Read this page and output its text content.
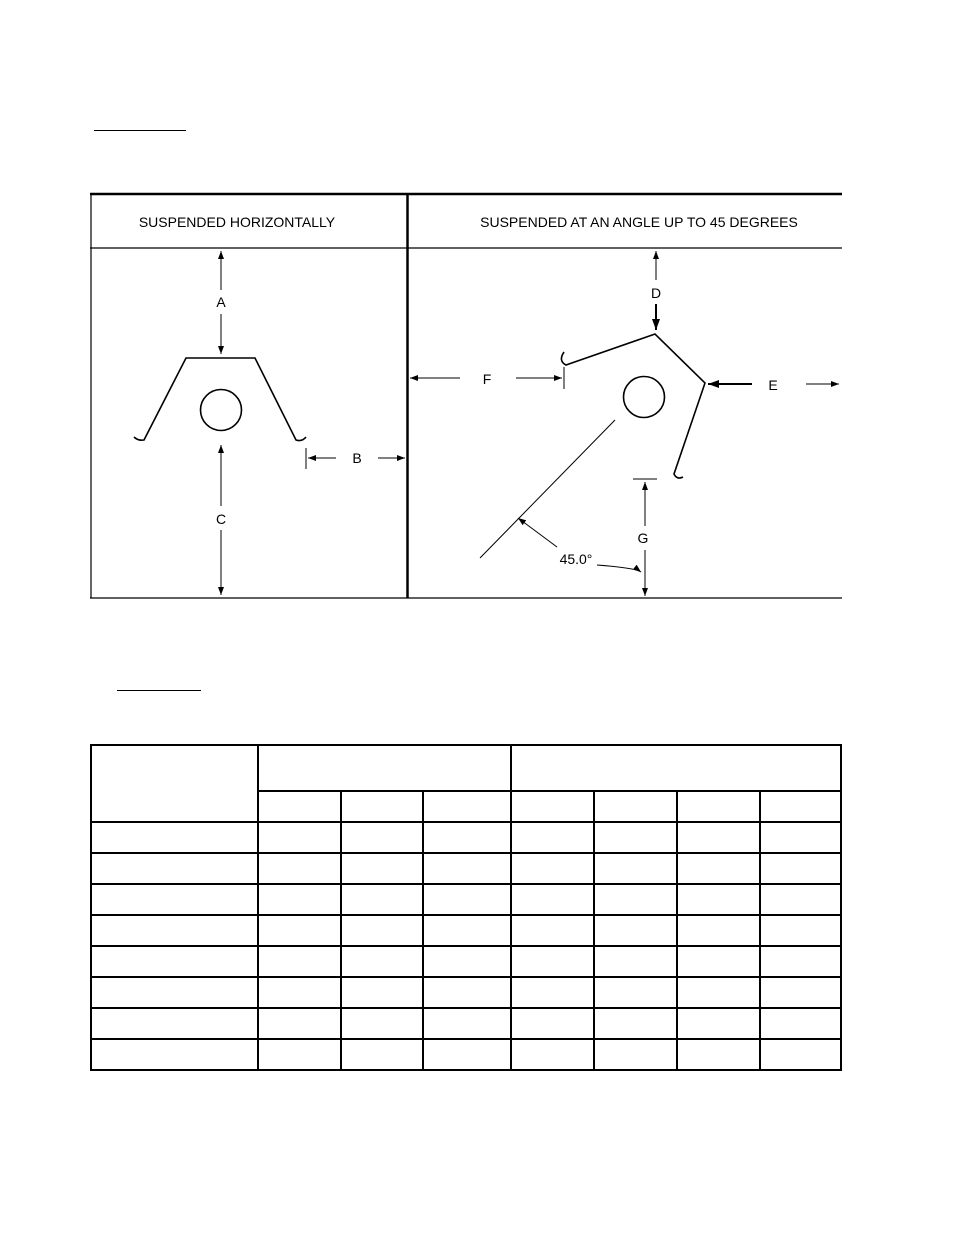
SUSPENDED HORIZONTALLY	SUSPENDED AT AN ANGLE UP TO 45 DEGREES
A
C
B
45.0°
D
E
F
G
